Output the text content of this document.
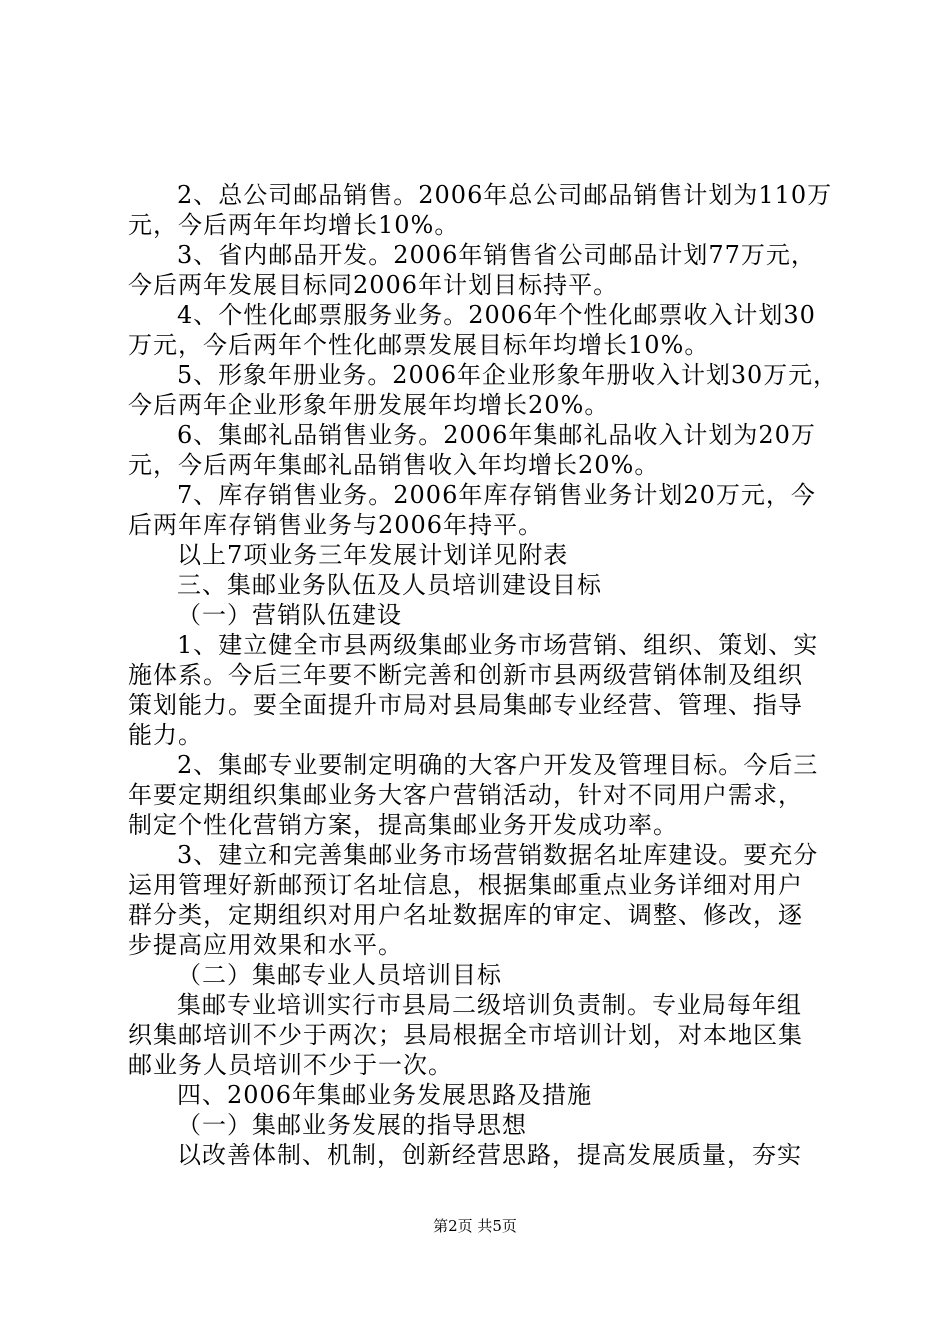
2、总公司邮品销售。2006年总公司邮品销售计划为110万
元，今后两年年均增长10%。
3、省内邮品开发。2006年销售省公司邮品计划77万元，
今后两年发展目标同2006年计划目标持平。
4、个性化邮票服务业务。2006年个性化邮票收入计划30
万元，今后两年个性化邮票发展目标年均增长10%。
5、形象年册业务。2006年企业形象年册收入计划30万元，
今后两年企业形象年册发展年均增长20%。
6、集邮礼品销售业务。2006年集邮礼品收入计划为20万
元，今后两年集邮礼品销售收入年均增长20%。
7、库存销售业务。2006年库存销售业务计划20万元，今
后两年库存销售业务与2006年持平。
以上7项业务三年发展计划详见附表
三、集邮业务队伍及人员培训建设目标
（一）营销队伍建设
1、建立健全市县两级集邮业务市场营销、组织、策划、实
施体系。今后三年要不断完善和创新市县两级营销体制及组织
策划能力。要全面提升市局对县局集邮专业经营、管理、指导
能力。
2、集邮专业要制定明确的大客户开发及管理目标。今后三
年要定期组织集邮业务大客户营销活动，针对不同用户需求，
制定个性化营销方案，提高集邮业务开发成功率。
3、建立和完善集邮业务市场营销数据名址库建设。要充分
运用管理好新邮预订名址信息，根据集邮重点业务详细对用户
群分类，定期组织对用户名址数据库的审定、调整、修改，逐
步提高应用效果和水平。
（二）集邮专业人员培训目标
集邮专业培训实行市县局二级培训负责制。专业局每年组
织集邮培训不少于两次；县局根据全市培训计划，对本地区集
邮业务人员培训不少于一次。
四、2006年集邮业务发展思路及措施
（一）集邮业务发展的指导思想
以改善体制、机制，创新经营思路，提高发展质量，夯实
第2页 共5页
